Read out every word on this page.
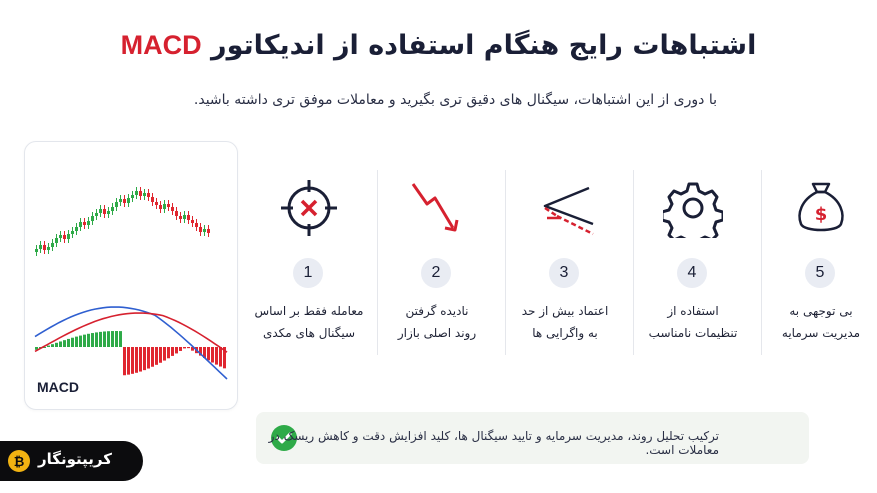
اشتباهات رایج هنگام استفاده از اندیکاتور MACD
با دوری از این اشتباهات، سیگنال های دقیق تری بگیرید و معاملات موفق تری داشته باشید.
MACD
1
معامله فقط بر اساس
سیگنال های مکدی
2
نادیده گرفتن
روند اصلی بازار
3
اعتماد بیش از حد
به واگرایی ها
4
استفاده از
تنظیمات نامناسب
$
5
بی توجهی به
مدیریت سرمایه
ترکیب تحلیل روند، مدیریت سرمایه و تایید سیگنال ها، کلید افزایش دقت و کاهش ریسک در معاملات است.
₿ کریپتونگار
